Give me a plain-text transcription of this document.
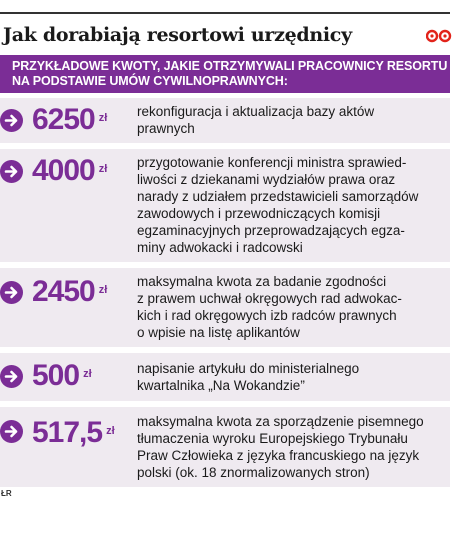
Jak dorabiają resortowi urzędnicy
PRZYKŁADOWE KWOTY, JAKIE OTRZYMYWALI PRACOWNICY RESORTU
NA PODSTAWIE UMÓW CYWILNOPRAWNYCH:
6250 zł rekonfiguracja i aktualizacja bazy aktów
prawnych
4000 zł przygotowanie konferencji ministra sprawied-
liwości z dziekanami wydziałów prawa oraz
narady z udziałem przedstawicieli samorządów
zawodowych i przewodniczących komisji
egzaminacyjnych przeprowadzających egza-
miny adwokacki i radcowski
2450 zł
maksymalna kwota za badanie zgodności
z prawem uchwał okręgowych rad adwokac-
kich i rad okręgowych izb radców prawnych
o wpisie na listę aplikantów
500 zł	napisanie artykułu do ministerialnego
kwartalnika „Na Wokandzie”
517,5 zł
maksymalna kwota za sporządzenie pisemnego
tłumaczenia wyroku Europejskiego Trybunału
Praw Człowieka z języka francuskiego na język
polski (ok. 18 znormalizowanych stron)
ŁR
